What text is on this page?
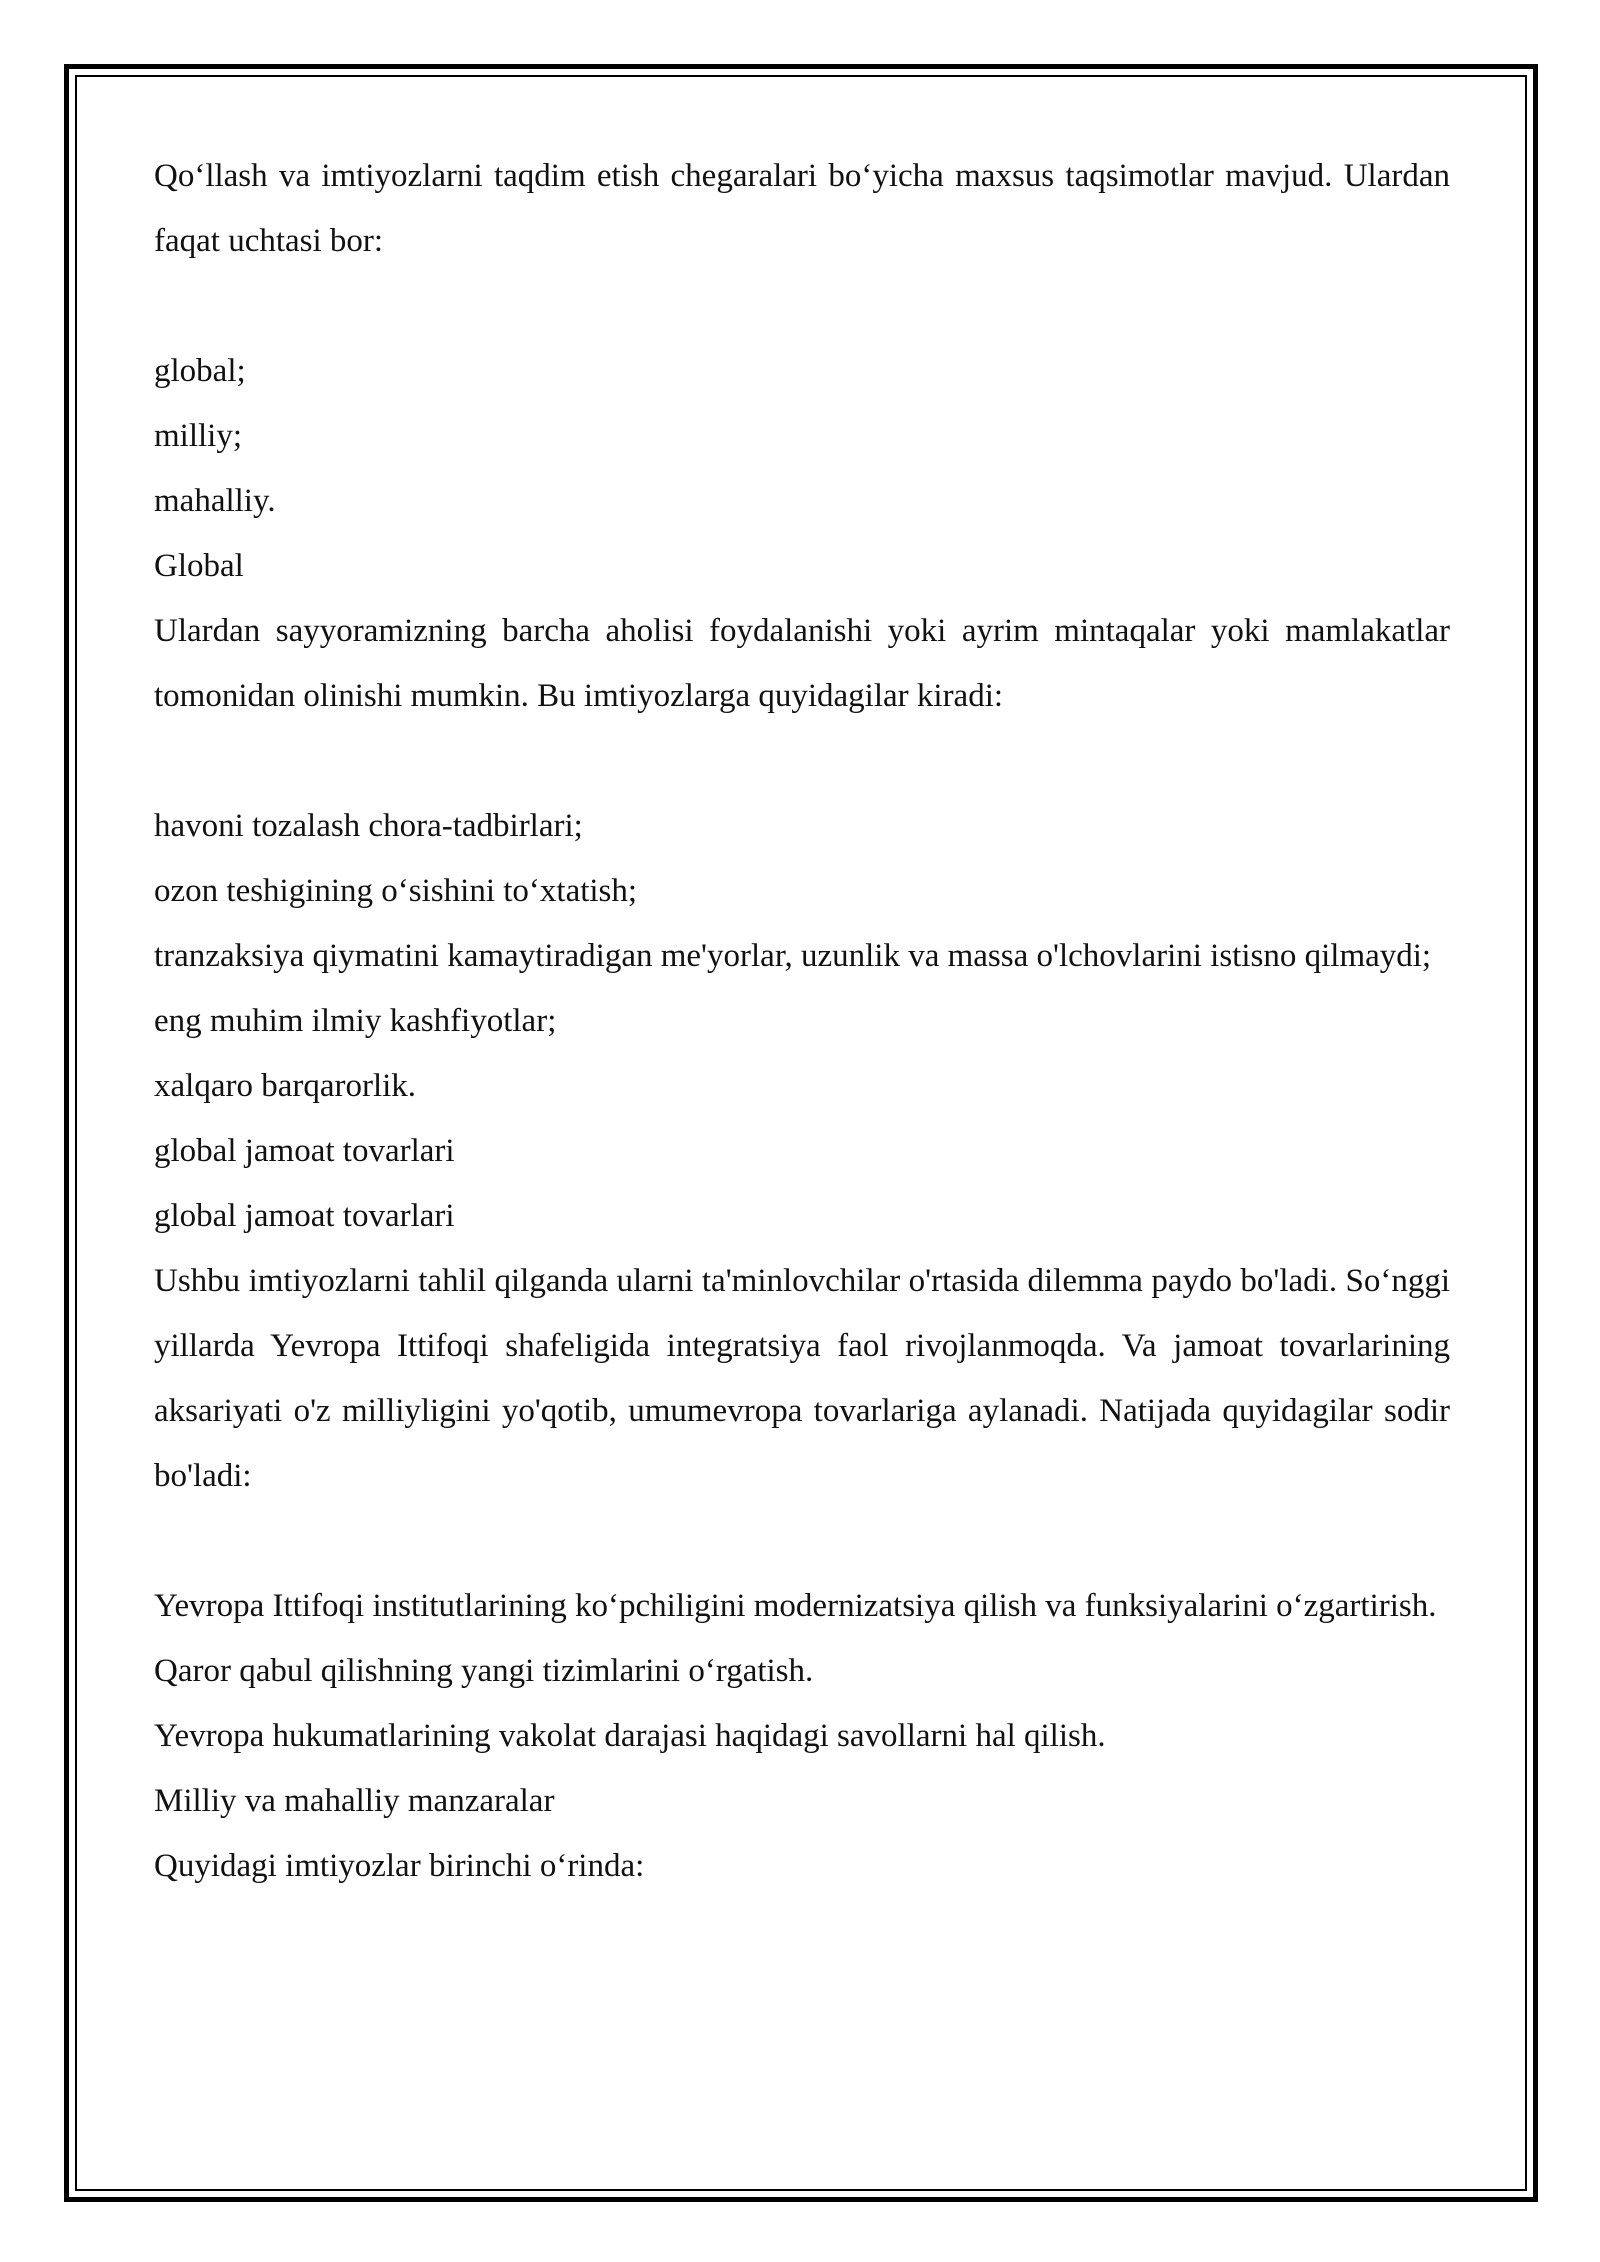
Qo‘llash va imtiyozlarni taqdim etish chegaralari bo‘yicha maxsus taqsimotlar mavjud. Ulardan faqat uchtasi bor:

global;

milliy;

mahalliy.

Global

Ulardan sayyoramizning barcha aholisi foydalanishi yoki ayrim mintaqalar yoki mamlakatlar tomonidan olinishi mumkin. Bu imtiyozlarga quyidagilar kiradi:

havoni tozalash chora-tadbirlari;

ozon teshigining o‘sishini to‘xtatish;

tranzaksiya qiymatini kamaytiradigan me'yorlar, uzunlik va massa o'lchovlarini istisno qilmaydi;

eng muhim ilmiy kashfiyotlar;

xalqaro barqarorlik.

global jamoat tovarlari

global jamoat tovarlari

Ushbu imtiyozlarni tahlil qilganda ularni ta'minlovchilar o'rtasida dilemma paydo bo'ladi. So‘nggi yillarda Yevropa Ittifoqi shafeligida integratsiya faol rivojlanmoqda. Va jamoat tovarlarining aksariyati o'z milliyligini yo'qotib, umumevropa tovarlariga aylanadi. Natijada quyidagilar sodir bo'ladi:

Yevropa Ittifoqi institutlarining ko‘pchiligini modernizatsiya qilish va funksiyalarini o‘zgartirish.

Qaror qabul qilishning yangi tizimlarini o‘rgatish.

Yevropa hukumatlarining vakolat darajasi haqidagi savollarni hal qilish.

Milliy va mahalliy manzaralar

Quyidagi imtiyozlar birinchi o‘rinda:
